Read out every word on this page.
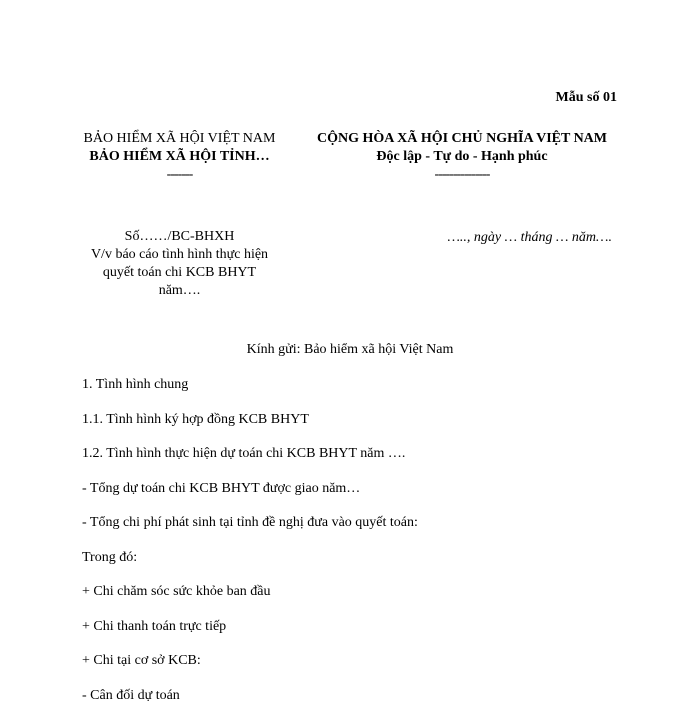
Mẫu số 01
BẢO HIỂM XÃ HỘI VIỆT NAM
BẢO HIỂM XÃ HỘI TỈNH…
-------
CỘNG HÒA XÃ HỘI CHỦ NGHĨA VIỆT NAM
Độc lập - Tự do - Hạnh phúc
---------------
Số……/BC-BHXH
V/v báo cáo tình hình thực hiện quyết toán chi KCB BHYT năm….
….., ngày … tháng … năm….
Kính gửi: Bảo hiểm xã hội Việt Nam
1. Tình hình chung
1.1. Tình hình ký hợp đồng KCB BHYT
1.2. Tình hình thực hiện dự toán chi KCB BHYT năm ….
- Tổng dự toán chi KCB BHYT được giao năm…
- Tổng chi phí phát sinh tại tỉnh đề nghị đưa vào quyết toán:
Trong đó:
+ Chi chăm sóc sức khỏe ban đầu
+ Chi thanh toán trực tiếp
+ Chi tại cơ sở KCB:
- Cân đối dự toán
